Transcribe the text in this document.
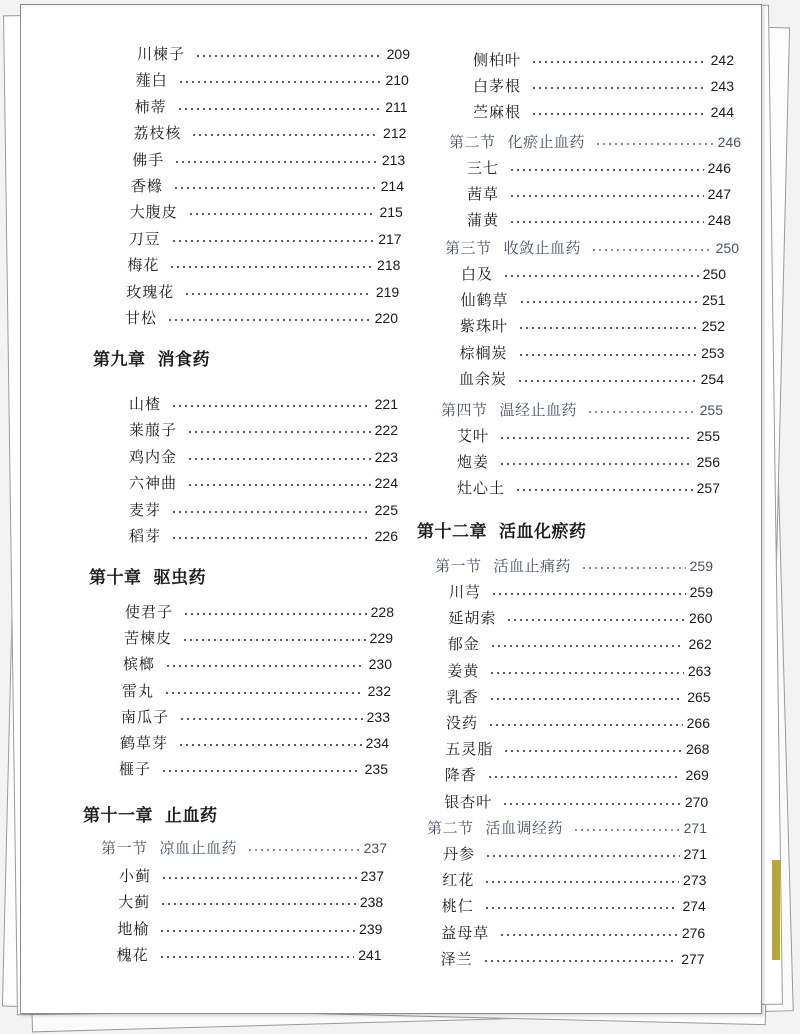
川楝子	209
薤白	210
柿蒂	211
荔枝核	212
佛手	213
香橼	214
大腹皮	215
刀豆	217
梅花	218
玫瑰花	219
甘松	220
第九章 消食药
山楂	221
莱菔子	222
鸡内金	223
六神曲	224
麦芽	225
稻芽	226
第十章 驱虫药
使君子	228
苦楝皮	229
槟榔	230
雷丸	232
南瓜子	233
鹤草芽	234
榧子	235
第十一章 止血药
第一节 凉血止血药	237
小蓟	237
大蓟	238
地榆	239
槐花	241
侧柏叶	242
白茅根	243
苎麻根	244
第二节 化瘀止血药	246
三七	246
茜草	247
蒲黄	248
第三节 收敛止血药	250
白及	250
仙鹤草	251
紫珠叶	252
棕榈炭	253
血余炭	254
第四节 温经止血药	255
艾叶	255
炮姜	256
灶心土	257
第十二章 活血化瘀药
第一节 活血止痛药	259
川芎	259
延胡索	260
郁金	262
姜黄	263
乳香	265
没药	266
五灵脂	268
降香	269
银杏叶	270
第二节 活血调经药	271
丹参	271
红花	273
桃仁	274
益母草	276
泽兰	277
